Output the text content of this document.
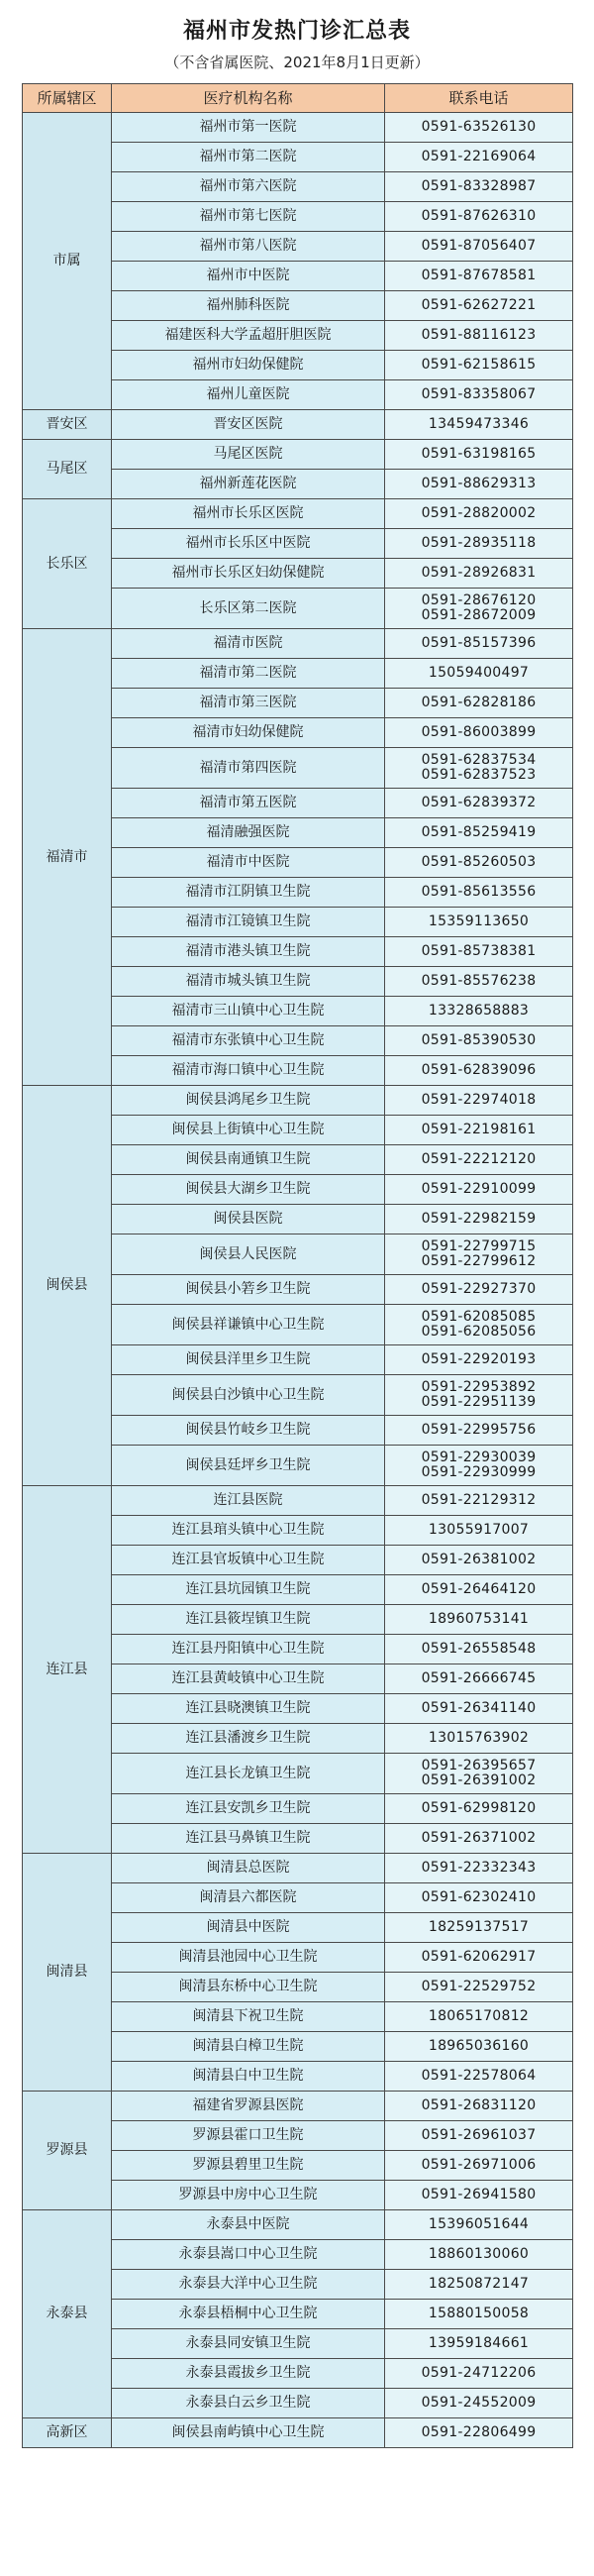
福州市发热门诊汇总表
（不含省属医院、2021年8月1日更新）
所属辖区	医疗机构名称	联系电话
市属	福州市第一医院	0591-63526130

	福州市第二医院	0591-22169064

	福州市第六医院	0591-83328987

	福州市第七医院	0591-87626310

	福州市第八医院	0591-87056407

	福州市中医院	0591-87678581

	福州肺科医院	0591-62627221

	福建医科大学孟超肝胆医院	0591-88116123

	福州市妇幼保健院	0591-62158615

	福州儿童医院	0591-83358067

晋安区	晋安区医院	13459473346

马尾区	马尾区医院	0591-63198165

	福州新莲花医院	0591-88629313

长乐区	福州市长乐区医院	0591-28820002

	福州市长乐区中医院	0591-28935118

	福州市长乐区妇幼保健院	0591-28926831

	长乐区第二医院	0591-28676120
0591-28672009

福清市	福清市医院	0591-85157396

	福清市第二医院	15059400497

	福清市第三医院	0591-62828186

	福清市妇幼保健院	0591-86003899

	福清市第四医院	0591-62837534
0591-62837523

	福清市第五医院	0591-62839372

	福清融强医院	0591-85259419

	福清市中医院	0591-85260503

	福清市江阴镇卫生院	0591-85613556

	福清市江镜镇卫生院	15359113650

	福清市港头镇卫生院	0591-85738381

	福清市城头镇卫生院	0591-85576238

	福清市三山镇中心卫生院	13328658883

	福清市东张镇中心卫生院	0591-85390530

	福清市海口镇中心卫生院	0591-62839096

闽侯县	闽侯县鸿尾乡卫生院	0591-22974018

	闽侯县上街镇中心卫生院	0591-22198161

	闽侯县南通镇卫生院	0591-22212120

	闽侯县大湖乡卫生院	0591-22910099

	闽侯县医院	0591-22982159

	闽侯县人民医院	0591-22799715
0591-22799612

	闽侯县小箬乡卫生院	0591-22927370

	闽侯县祥谦镇中心卫生院	0591-62085085
0591-62085056

	闽侯县洋里乡卫生院	0591-22920193

	闽侯县白沙镇中心卫生院	0591-22953892
0591-22951139

	闽侯县竹岐乡卫生院	0591-22995756

	闽侯县廷坪乡卫生院	0591-22930039
0591-22930999

连江县	连江县医院	0591-22129312

	连江县琯头镇中心卫生院	13055917007

	连江县官坂镇中心卫生院	0591-26381002

	连江县坑园镇卫生院	0591-26464120

	连江县筱埕镇卫生院	18960753141

	连江县丹阳镇中心卫生院	0591-26558548

	连江县黄岐镇中心卫生院	0591-26666745

	连江县晓澳镇卫生院	0591-26341140

	连江县潘渡乡卫生院	13015763902

	连江县长龙镇卫生院	0591-26395657
0591-26391002

	连江县安凯乡卫生院	0591-62998120

	连江县马鼻镇卫生院	0591-26371002

闽清县	闽清县总医院	0591-22332343

	闽清县六都医院	0591-62302410

	闽清县中医院	18259137517

	闽清县池园中心卫生院	0591-62062917

	闽清县东桥中心卫生院	0591-22529752

	闽清县下祝卫生院	18065170812

	闽清县白樟卫生院	18965036160

	闽清县白中卫生院	0591-22578064

罗源县	福建省罗源县医院	0591-26831120

	罗源县霍口卫生院	0591-26961037

	罗源县碧里卫生院	0591-26971006

	罗源县中房中心卫生院	0591-26941580

永泰县	永泰县中医院	15396051644

	永泰县嵩口中心卫生院	18860130060

	永泰县大洋中心卫生院	18250872147

	永泰县梧桐中心卫生院	15880150058

	永泰县同安镇卫生院	13959184661

	永泰县霞拔乡卫生院	0591-24712206

	永泰县白云乡卫生院	0591-24552009

高新区	闽侯县南屿镇中心卫生院	0591-22806499
